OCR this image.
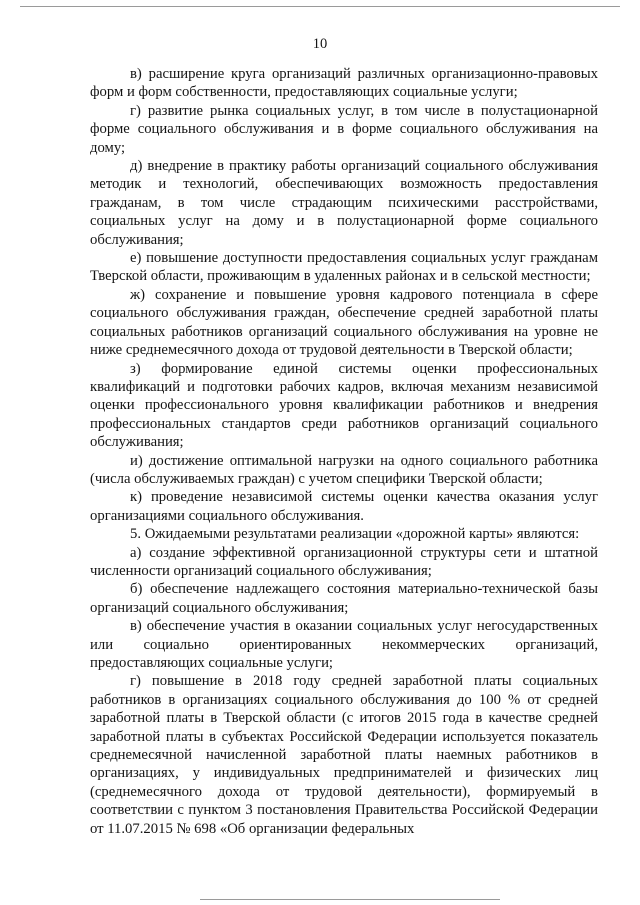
10

в) расширение круга организаций различных организационно-правовых форм и форм собственности, предоставляющих социальные услуги;

г) развитие рынка социальных услуг, в том числе в полустационарной форме социального обслуживания и в форме социального обслуживания на дому;

д) внедрение в практику работы организаций социального обслуживания методик и технологий, обеспечивающих возможность предоставления гражданам, в том числе страдающим психическими расстройствами, социальных услуг на дому и в полустационарной форме социального обслуживания;

е) повышение доступности предоставления социальных услуг гражданам Тверской области, проживающим в удаленных районах и в сельской местности;

ж) сохранение и повышение уровня кадрового потенциала в сфере социального обслуживания граждан, обеспечение средней заработной платы социальных работников организаций социального обслуживания на уровне не ниже среднемесячного дохода от трудовой деятельности в Тверской области;

з) формирование единой системы оценки профессиональных квалификаций и подготовки рабочих кадров, включая механизм независимой оценки профессионального уровня квалификации работников и внедрения профессиональных стандартов среди работников организаций социального обслуживания;

и) достижение оптимальной нагрузки на одного социального работника (числа обслуживаемых граждан) с учетом специфики Тверской области;

к) проведение независимой системы оценки качества оказания услуг организациями социального обслуживания.

5. Ожидаемыми результатами реализации «дорожной карты» являются:

а) создание эффективной организационной структуры сети и штатной численности организаций социального обслуживания;

б) обеспечение надлежащего состояния материально-технической базы организаций социального обслуживания;

в) обеспечение участия в оказании социальных услуг негосударственных или социально ориентированных некоммерческих организаций, предоставляющих социальные услуги;

г) повышение в 2018 году средней заработной платы социальных работников в организациях социального обслуживания до 100 % от средней заработной платы в Тверской области (с итогов 2015 года в качестве средней заработной платы в субъектах Российской Федерации используется показатель среднемесячной начисленной заработной платы наемных работников в организациях, у индивидуальных предпринимателей и физических лиц (среднемесячного дохода от трудовой деятельности), формируемый в соответствии с пунктом 3 постановления Правительства Российской Федерации от 11.07.2015 № 698 «Об организации федеральных
